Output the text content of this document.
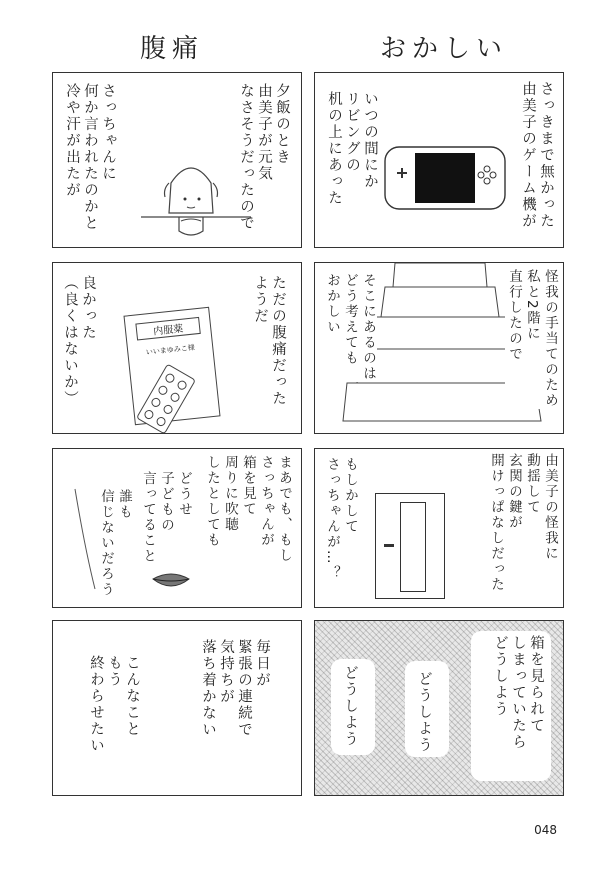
腹痛	おかしい
夕飯のとき
由美子が元気
なさそうだったので
さっちゃんに
何か言われたのかと
冷や汗が出たが	さっきまで無かった
由美子のゲーム機が
いつの間にか
リビングの
机の上にあった
ただの腹痛だった
ようだ
良かった
（良くはないか）	内服薬
いいまゆみこ様	怪我の手当てのため
私と2階に
直行したので
そこにあるのは
どう考えても
おかしい
まあでも、もし
さっちゃんが
箱を見て
周りに吹聴
したとしても
どうせ
子どもの
言ってること
誰も
信じないだろう	由美子の怪我に
動揺して
玄関の鍵が
開けっぱなしだった
もしかして
さっちゃんが…？
毎日が
緊張の連続で
気持ちが
落ち着かない
こんなこと
もう
終わらせたい	箱を見られて
しまっていたら
どうしよう
どうしよう
どうしよう
048
